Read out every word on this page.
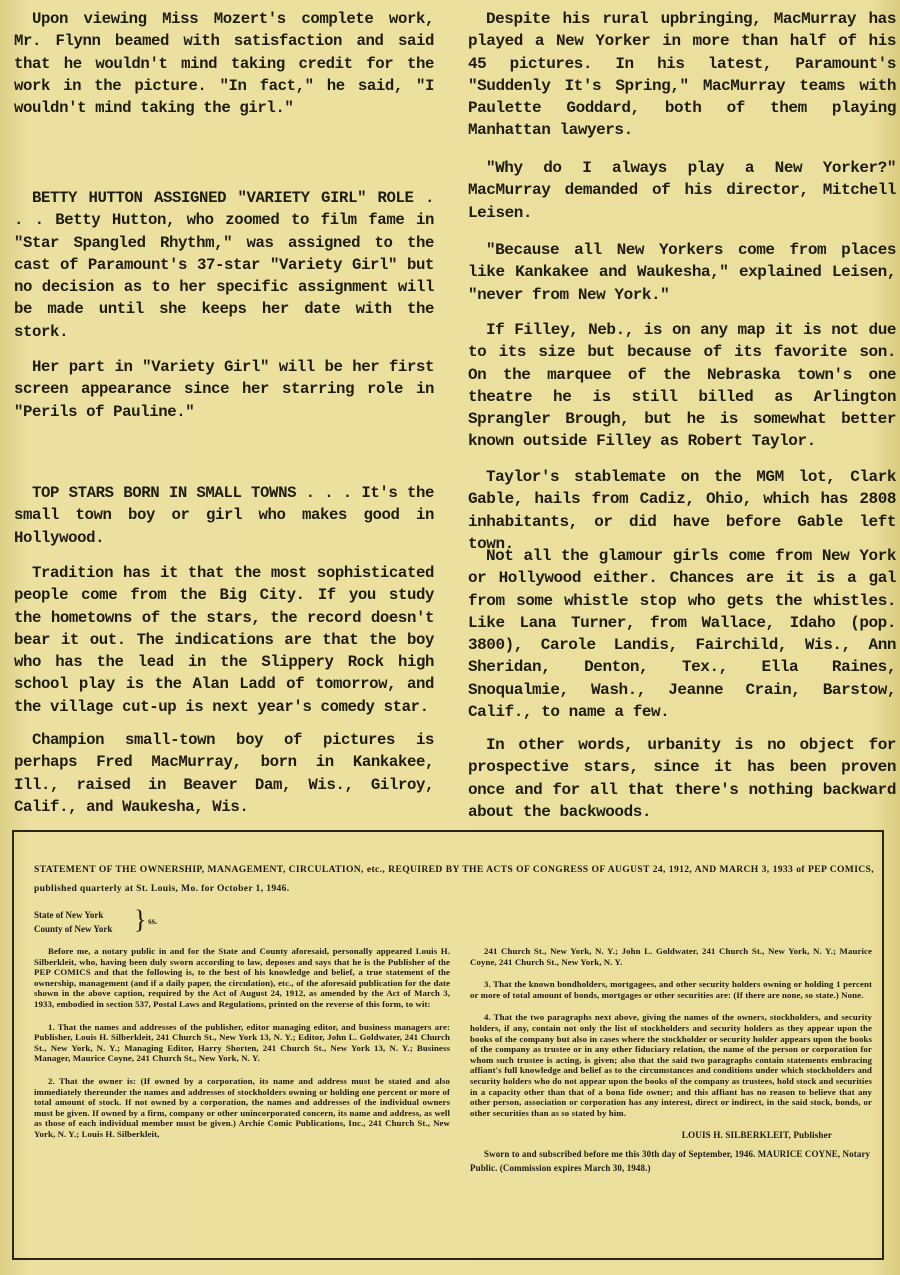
Upon viewing Miss Mozert's complete work, Mr. Flynn beamed with satisfaction and said that he wouldn't mind taking credit for the work in the picture. "In fact," he said, "I wouldn't mind taking the girl."

BETTY HUTTON ASSIGNED "VARIETY GIRL" ROLE . . . Betty Hutton, who zoomed to film fame in "Star Spangled Rhythm," was assigned to the cast of Paramount's 37-star "Variety Girl" but no decision as to her specific assignment will be made until she keeps her date with the stork.

Her part in "Variety Girl" will be her first screen appearance since her starring role in "Perils of Pauline."

TOP STARS BORN IN SMALL TOWNS . . . It's the small town boy or girl who makes good in Hollywood.

Tradition has it that the most sophisticated people come from the Big City. If you study the hometowns of the stars, the record doesn't bear it out. The indications are that the boy who has the lead in the Slippery Rock high school play is the Alan Ladd of tomorrow, and the village cut-up is next year's comedy star.

Champion small-town boy of pictures is perhaps Fred MacMurray, born in Kankakee, Ill., raised in Beaver Dam, Wis., Gilroy, Calif., and Waukesha, Wis.

Despite his rural upbringing, MacMurray has played a New Yorker in more than half of his 45 pictures. In his latest, Paramount's "Suddenly It's Spring," MacMurray teams with Paulette Goddard, both of them playing Manhattan lawyers.

"Why do I always play a New Yorker?" MacMurray demanded of his director, Mitchell Leisen.

"Because all New Yorkers come from places like Kankakee and Waukesha," explained Leisen, "never from New York."

If Filley, Neb., is on any map it is not due to its size but because of its favorite son. On the marquee of the Nebraska town's one theatre he is still billed as Arlington Sprangler Brough, but he is somewhat better known outside Filley as Robert Taylor.

Taylor's stablemate on the MGM lot, Clark Gable, hails from Cadiz, Ohio, which has 2808 inhabitants, or did have before Gable left town.

Not all the glamour girls come from New York or Hollywood either. Chances are it is a gal from some whistle stop who gets the whistles. Like Lana Turner, from Wallace, Idaho (pop. 3800), Carole Landis, Fairchild, Wis., Ann Sheridan, Denton, Tex., Ella Raines, Snoqualmie, Wash., Jeanne Crain, Barstow, Calif., to name a few.

In other words, urbanity is no object for prospective stars, since it has been proven once and for all that there's nothing backward about the backwoods.

STATEMENT OF THE OWNERSHIP, MANAGEMENT, CIRCULATION, etc., REQUIRED BY THE ACTS OF CONGRESS OF AUGUST 24, 1912, AND MARCH 3, 1933 of PEP COMICS, published quarterly at St. Louis, Mo. for October 1, 1946.

State of New York
County of New York } ss.

Before me, a notary public in and for the State and County aforesaid, personally appeared Louis H. Silberkleit, who, having been duly sworn according to law, deposes and says that he is the Publisher of the PEP COMICS and that the following is, to the best of his knowledge and belief, a true statement of the ownership, management (and if a daily paper, the circulation), etc., of the aforesaid publication for the date shown in the above caption, required by the Act of August 24, 1912, as amended by the Act of March 3, 1933, embodied in section 537, Postal Laws and Regulations, printed on the reverse of this form, to wit:

1. That the names and addresses of the publisher, editor managing editor, and business managers are: Publisher, Louis H. Silberkleit, 241 Church St., New York 13, N. Y.; Editor, John L. Goldwater, 241 Church St., New York, N. Y.; Managing Editor, Harry Shorten, 241 Church St., New York 13, N. Y.; Business Manager, Maurice Coyne, 241 Church St., New York, N. Y.

2. That the owner is: (If owned by a corporation, its name and address must be stated and also immediately thereunder the names and addresses of stockholders owning or holding one percent or more of total amount of stock. If not owned by a corporation, the names and addresses of the individual owners must be given. If owned by a firm, company or other unincorporated concern, its name and address, as well as those of each individual member must be given.) Archie Comic Publications, Inc., 241 Church St., New York, N. Y.; Louis H. Silberkleit,

241 Church St., New York, N. Y.; John L. Goldwater, 241 Church St., New York, N. Y.; Maurice Coyne, 241 Church St., New York, N. Y.

3. That the known bondholders, mortgagees, and other security holders owning or holding 1 percent or more of total amount of bonds, mortgages or other securities are: (If there are none, so state.) None.

4. That the two paragraphs next above, giving the names of the owners, stockholders, and security holders, if any, contain not only the list of stockholders and security holders as they appear upon the books of the company but also in cases where the stockholder or security holder appears upon the books of the company as trustee or in any other fiduciary relation, the name of the person or corporation for whom such trustee is acting, is given; also that the said two paragraphs contain statements embracing affiant's full knowledge and belief as to the circumstances and conditions under which stockholders and security holders who do not appear upon the books of the company as trustees, hold stock and securities in a capacity other than that of a bona fide owner; and this affiant has no reason to believe that any other person, association or corporation has any interest, direct or indirect, in the said stock, bonds, or other securities than as so stated by him.

LOUIS H. SILBERKLEIT, Publisher

Sworn to and subscribed before me this 30th day of September, 1946. MAURICE COYNE, Notary Public. (Commission expires March 30, 1948.)
